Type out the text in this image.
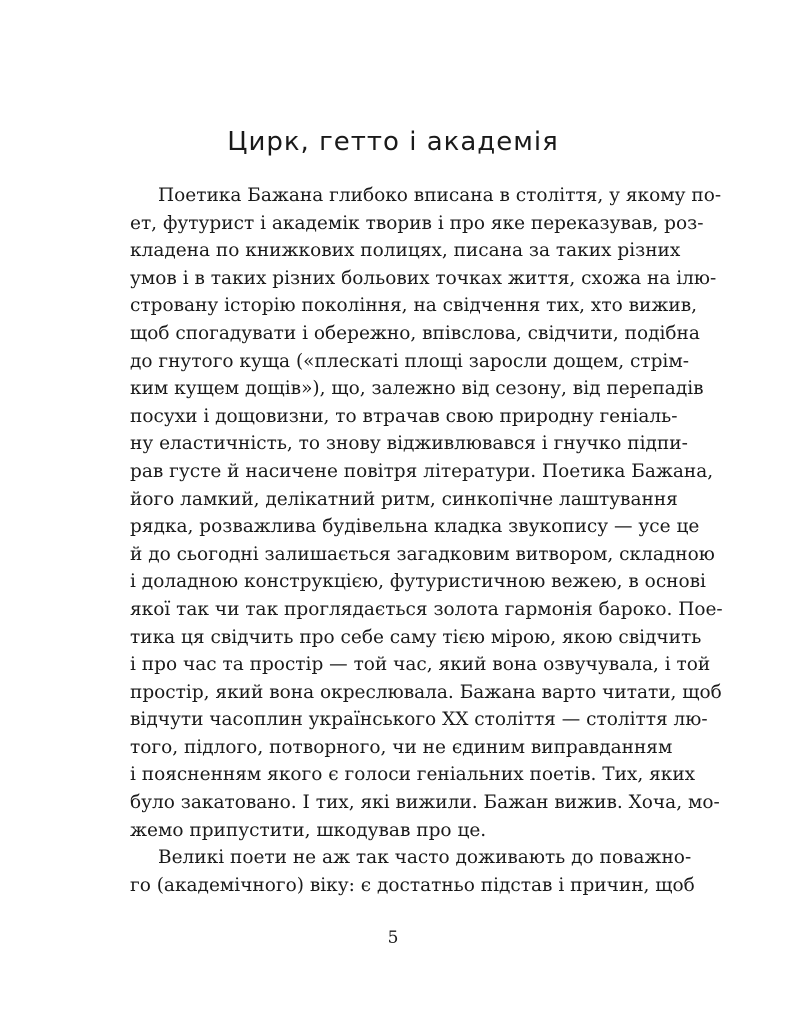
Цирк, гетто і академія
Поетика Бажана глибоко вписана в століття, у якому по-
ет, футурист і академік творив і про яке переказував, роз-
кладена по книжкових полицях, писана за таких різних
умов і в таких різних больових точках життя, схожа на ілю-
стровану історію покоління, на свідчення тих, хто вижив,
щоб спогадувати і обережно, впівслова, свідчити, подібна
до гнутого куща («плескаті площі заросли дощем, стрім-
ким кущем дощів»), що, залежно від сезону, від перепадів
посухи і дощовизни, то втрачав свою природну геніаль-
ну еластичність, то знову відживлювався і гнучко підпи-
рав густе й насичене повітря літератури. Поетика Бажана,
його ламкий, делікатний ритм, синкопічне лаштування
рядка, розважлива будівельна кладка звукопису — усе це
й до сьогодні залишається загадковим витвором, складною
і доладною конструкцією, футуристичною вежею, в основі
якої так чи так проглядається золота гармонія бароко. Пое-
тика ця свідчить про себе саму тією мірою, якою свідчить
і про час та простір — той час, який вона озвучувала, і той
простір, який вона окреслювала. Бажана варто читати, щоб
відчути часоплин українського XX століття — століття лю-
того, підлого, потворного, чи не єдиним виправданням
і поясненням якого є голоси геніальних поетів. Тих, яких
було закатовано. І тих, які вижили. Бажан вижив. Хоча, мо-
жемо припустити, шкодував про це.
Великі поети не аж так часто доживають до поважно-
го (академічного) віку: є достатньо підстав і причин, щоб
5
